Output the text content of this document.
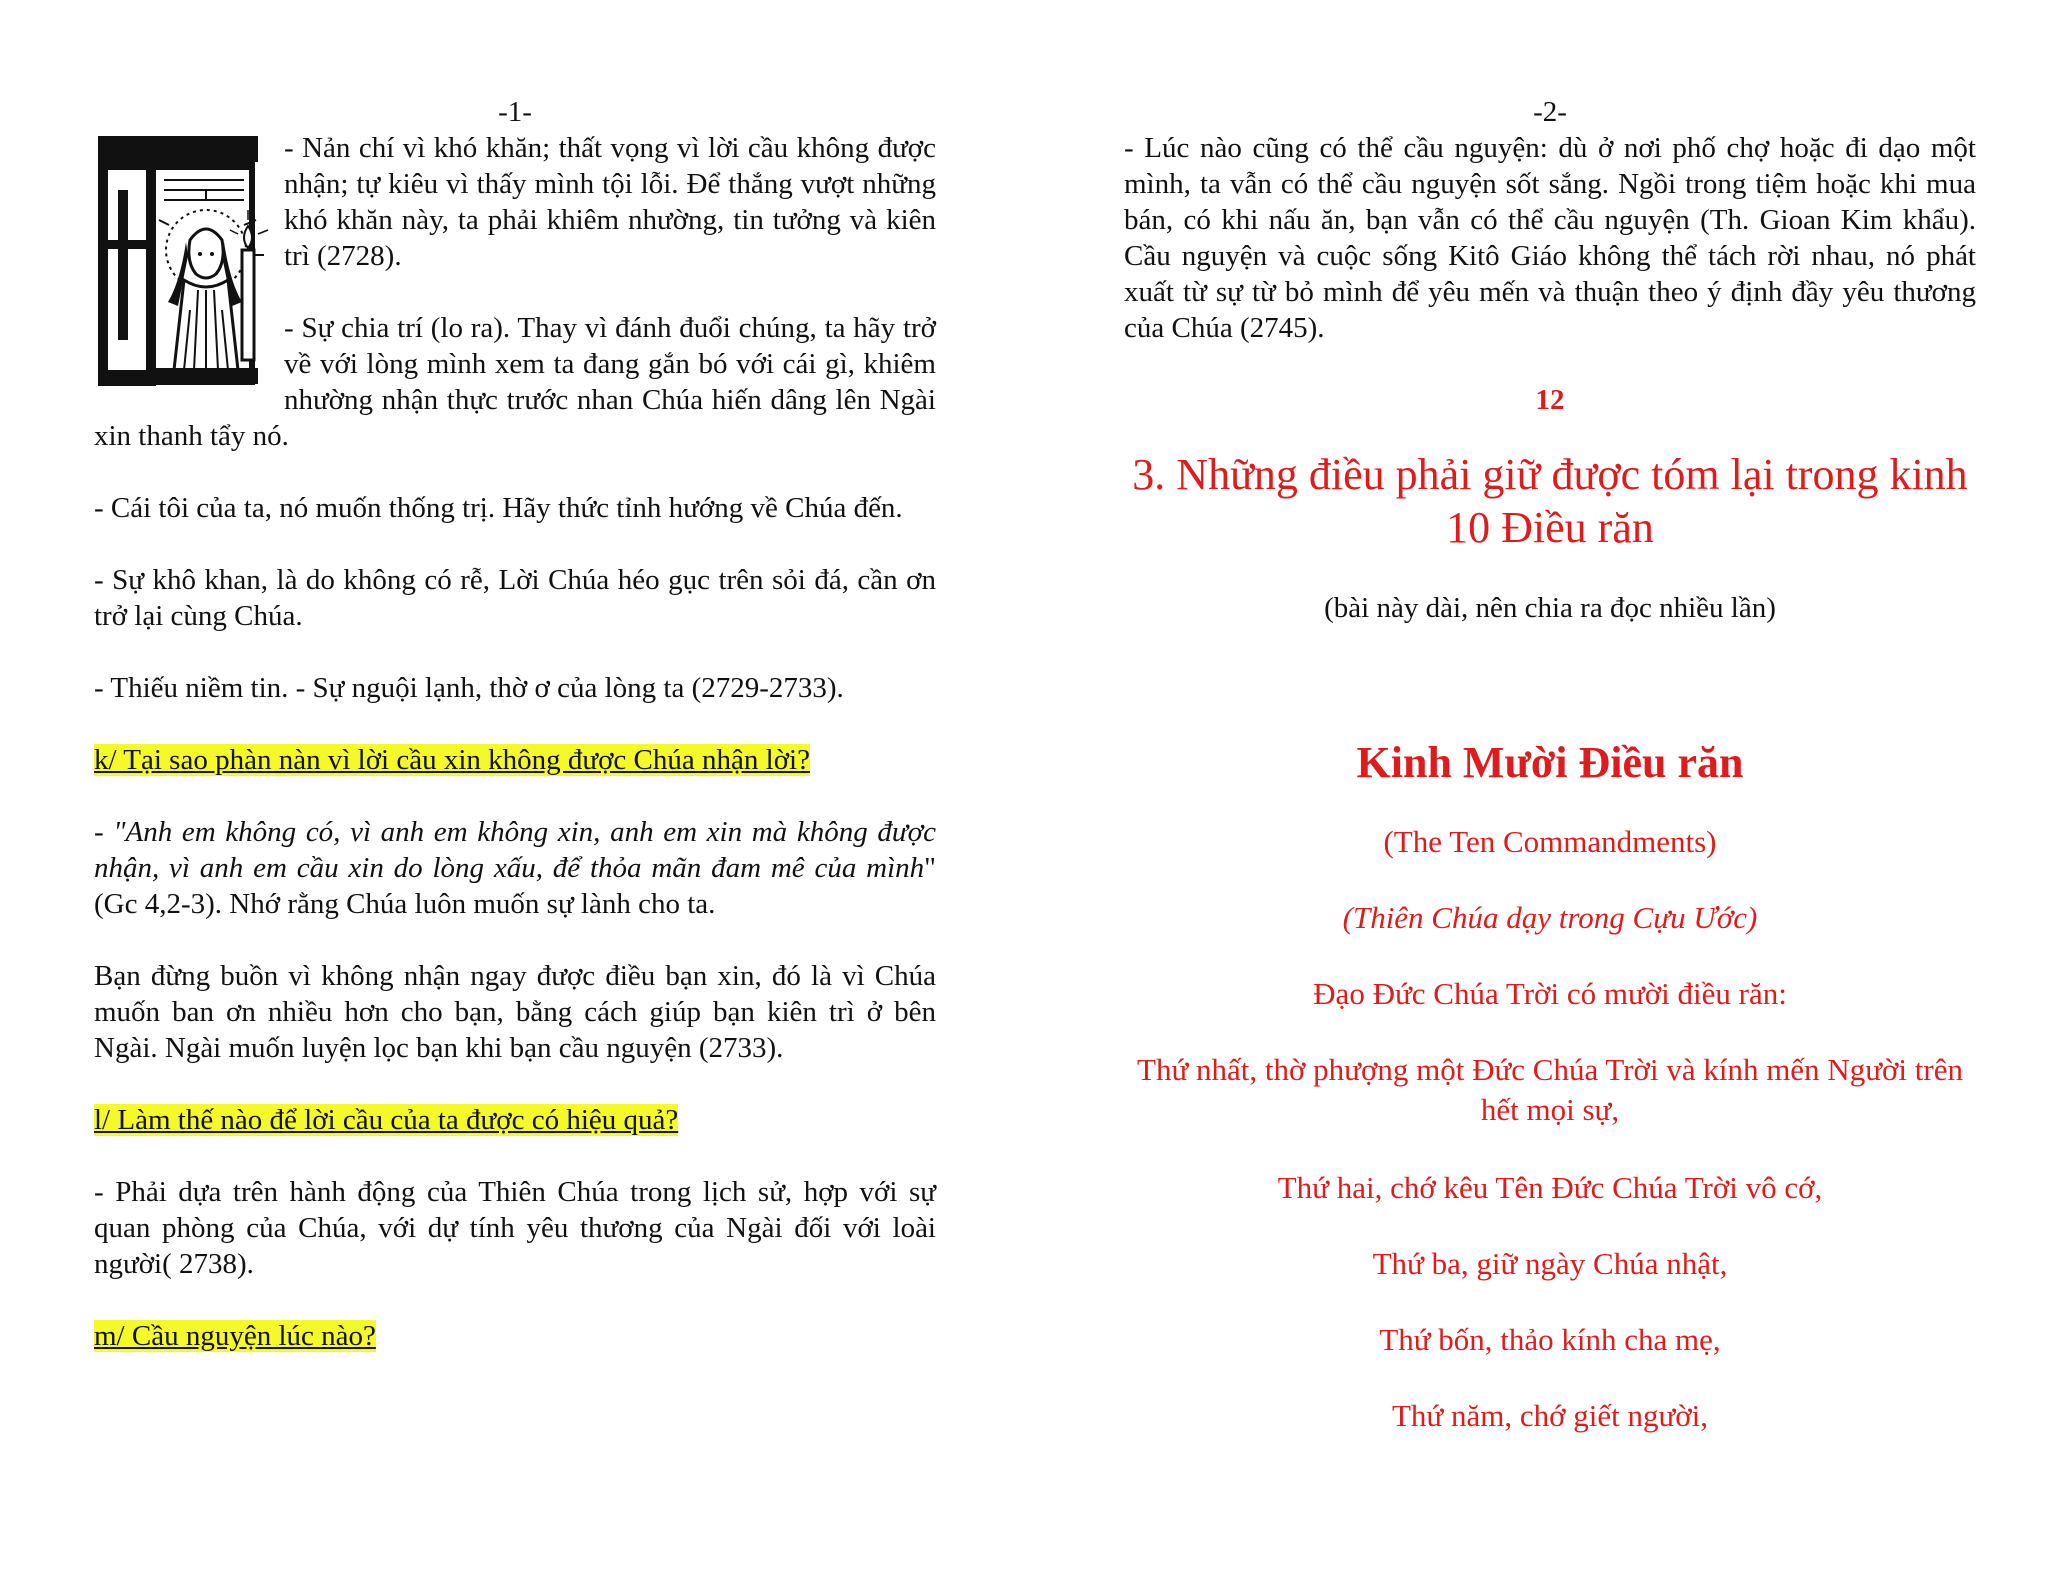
-1-

- Nản chí vì khó khăn; thất vọng vì lời cầu không được nhận; tự kiêu vì thấy mình tội lỗi. Để thắng vượt những khó khăn này, ta phải khiêm nhường, tin tưởng và kiên trì (2728).

- Sự chia trí (lo ra). Thay vì đánh đuổi chúng, ta hãy trở về với lòng mình xem ta đang gắn bó với cái gì, khiêm nhường nhận thực trước nhan Chúa hiến dâng lên Ngài xin thanh tẩy nó.

- Cái tôi của ta, nó muốn thống trị. Hãy thức tỉnh hướng về Chúa đến.

- Sự khô khan, là do không có rễ, Lời Chúa héo gục trên sỏi đá, cần ơn trở lại cùng Chúa.

- Thiếu niềm tin. - Sự nguội lạnh, thờ ơ của lòng ta (2729-2733).

k/ Tại sao phàn nàn vì lời cầu xin không được Chúa nhận lời?

- "Anh em không có, vì anh em không xin, anh em xin mà không được nhận, vì anh em cầu xin do lòng xấu, để thỏa mãn đam mê của mình"(Gc 4,2-3). Nhớ rằng Chúa luôn muốn sự lành cho ta.

Bạn đừng buồn vì không nhận ngay được điều bạn xin, đó là vì Chúa muốn ban ơn nhiều hơn cho bạn, bằng cách giúp bạn kiên trì ở bên Ngài. Ngài muốn luyện lọc bạn khi bạn cầu nguyện (2733).

l/ Làm thế nào để lời cầu của ta được có hiệu quả?

- Phải dựa trên hành động của Thiên Chúa trong lịch sử, hợp với sự quan phòng của Chúa, với dự tính yêu thương của Ngài đối với loài người( 2738).

m/ Cầu nguyện lúc nào?

-2-

- Lúc nào cũng có thể cầu nguyện: dù ở nơi phố chợ hoặc đi dạo một mình, ta vẫn có thể cầu nguyện sốt sắng. Ngồi trong tiệm hoặc khi mua bán, có khi nấu ăn, bạn vẫn có thể cầu nguyện (Th. Gioan Kim khẩu). Cầu nguyện và cuộc sống Kitô Giáo không thể tách rời nhau, nó phát xuất từ sự từ bỏ mình để yêu mến và thuận theo ý định đầy yêu thương của Chúa (2745).

12
3. Những điều phải giữ được tóm lại trong kinh 10 Điều răn
(bài này dài, nên chia ra đọc nhiều lần)
Kinh Mười Điều răn
(The Ten Commandments)
(Thiên Chúa dạy trong Cựu Ước)
Đạo Đức Chúa Trời có mười điều răn:
Thứ nhất, thờ phượng một Đức Chúa Trời và kính mến Người trên hết mọi sự,
Thứ hai, chớ kêu Tên Đức Chúa Trời vô cớ,
Thứ ba, giữ ngày Chúa nhật,
Thứ bốn, thảo kính cha mẹ,
Thứ năm, chớ giết người,
